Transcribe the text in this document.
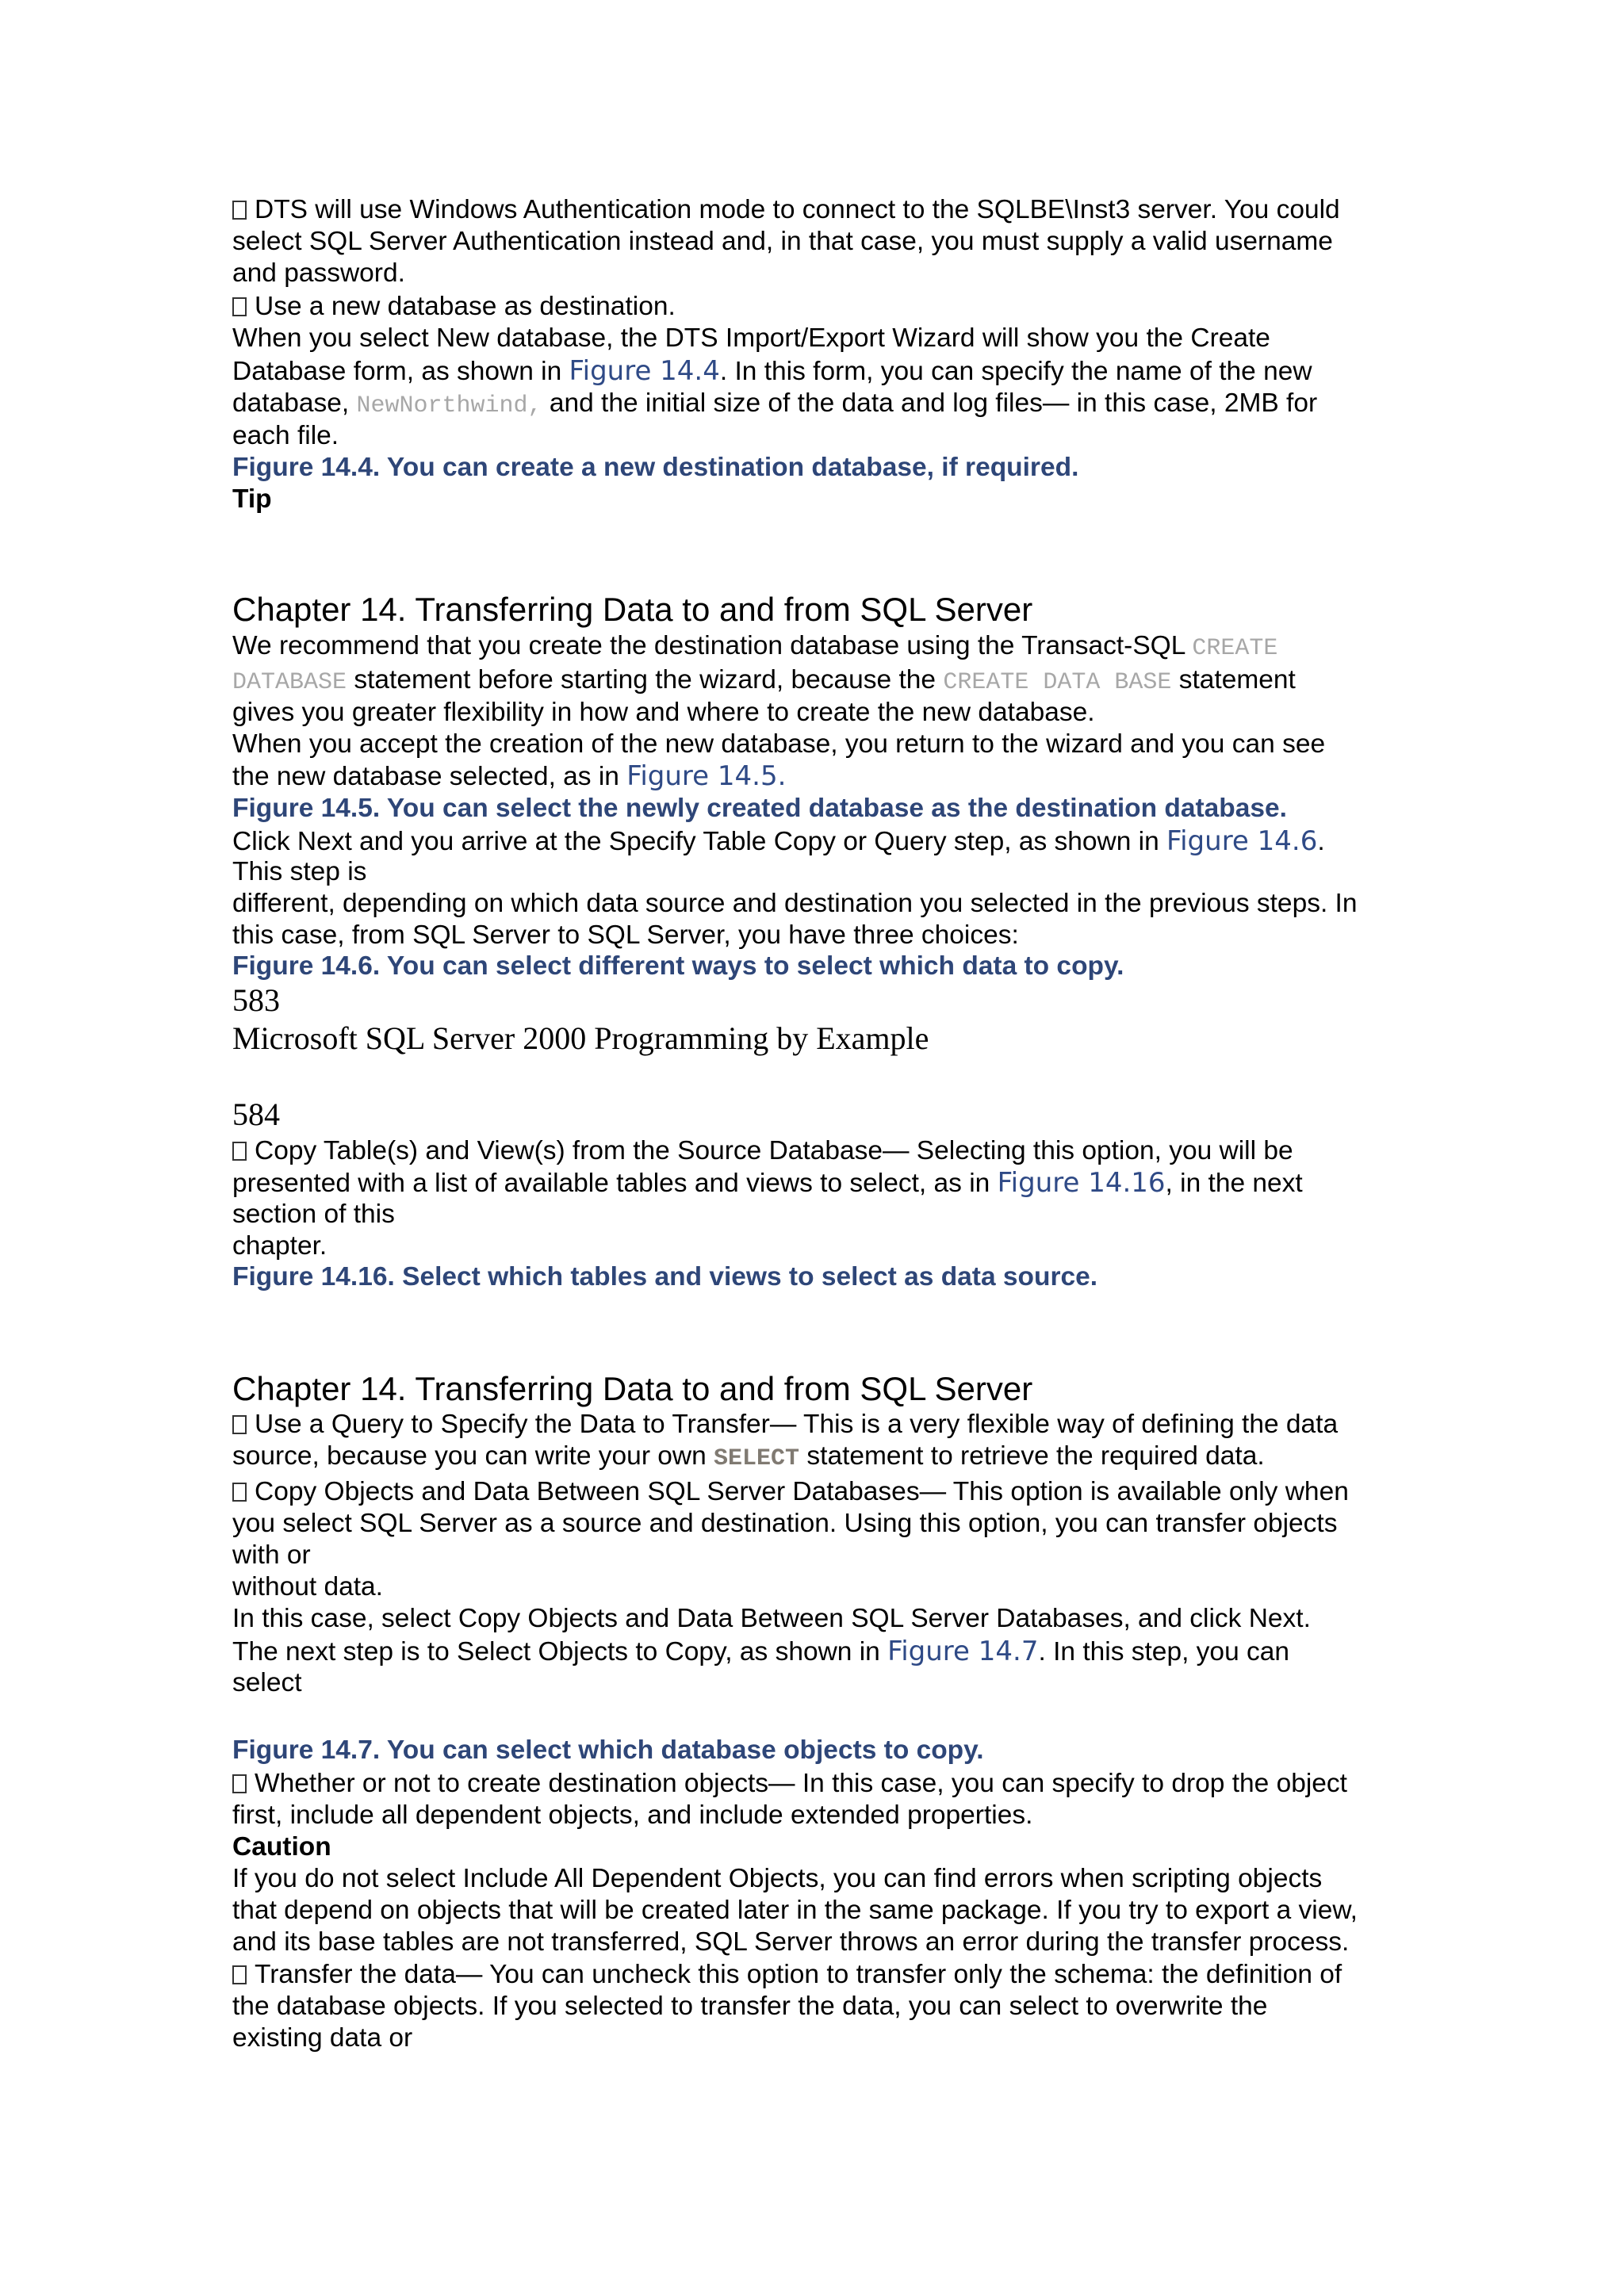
DTS will use Windows Authentication mode to connect to the SQLBE\Inst3 server. You could
select SQL Server Authentication instead and, in that case, you must supply a valid username
and password.
Use a new database as destination.
When you select New database, the DTS Import/Export Wizard will show you the Create
Database form, as shown in Figure 14.4. In this form, you can specify the name of the new
database, NewNorthwind, and the initial size of the data and log files— in this case, 2MB for
each file.
Figure 14.4. You can create a new destination database, if required.
Tip
Chapter 14. Transferring Data to and from SQL Server
We recommend that you create the destination database using the Transact-SQL CREATE
DATABASE statement before starting the wizard, because the CREATE DATA BASE statement
gives you greater flexibility in how and where to create the new database.
When you accept the creation of the new database, you return to the wizard and you can see
the new database selected, as in Figure 14.5.
Figure 14.5. You can select the newly created database as the destination database.
Click Next and you arrive at the Specify Table Copy or Query step, as shown in Figure 14.6.
This step is
different, depending on which data source and destination you selected in the previous steps. In
this case, from SQL Server to SQL Server, you have three choices:
Figure 14.6. You can select different ways to select which data to copy.
583
Microsoft SQL Server 2000 Programming by Example
584
Copy Table(s) and View(s) from the Source Database— Selecting this option, you will be
presented with a list of available tables and views to select, as in Figure 14.16, in the next
section of this
chapter.
Figure 14.16. Select which tables and views to select as data source.
Chapter 14. Transferring Data to and from SQL Server
Use a Query to Specify the Data to Transfer— This is a very flexible way of defining the data
source, because you can write your own SELECT statement to retrieve the required data.
Copy Objects and Data Between SQL Server Databases— This option is available only when
you select SQL Server as a source and destination. Using this option, you can transfer objects
with or
without data.
In this case, select Copy Objects and Data Between SQL Server Databases, and click Next.
The next step is to Select Objects to Copy, as shown in Figure 14.7. In this step, you can
select
Figure 14.7. You can select which database objects to copy.
Whether or not to create destination objects— In this case, you can specify to drop the object
first, include all dependent objects, and include extended properties.
Caution
If you do not select Include All Dependent Objects, you can find errors when scripting objects
that depend on objects that will be created later in the same package. If you try to export a view,
and its base tables are not transferred, SQL Server throws an error during the transfer process.
Transfer the data— You can uncheck this option to transfer only the schema: the definition of
the database objects. If you selected to transfer the data, you can select to overwrite the
existing data or
